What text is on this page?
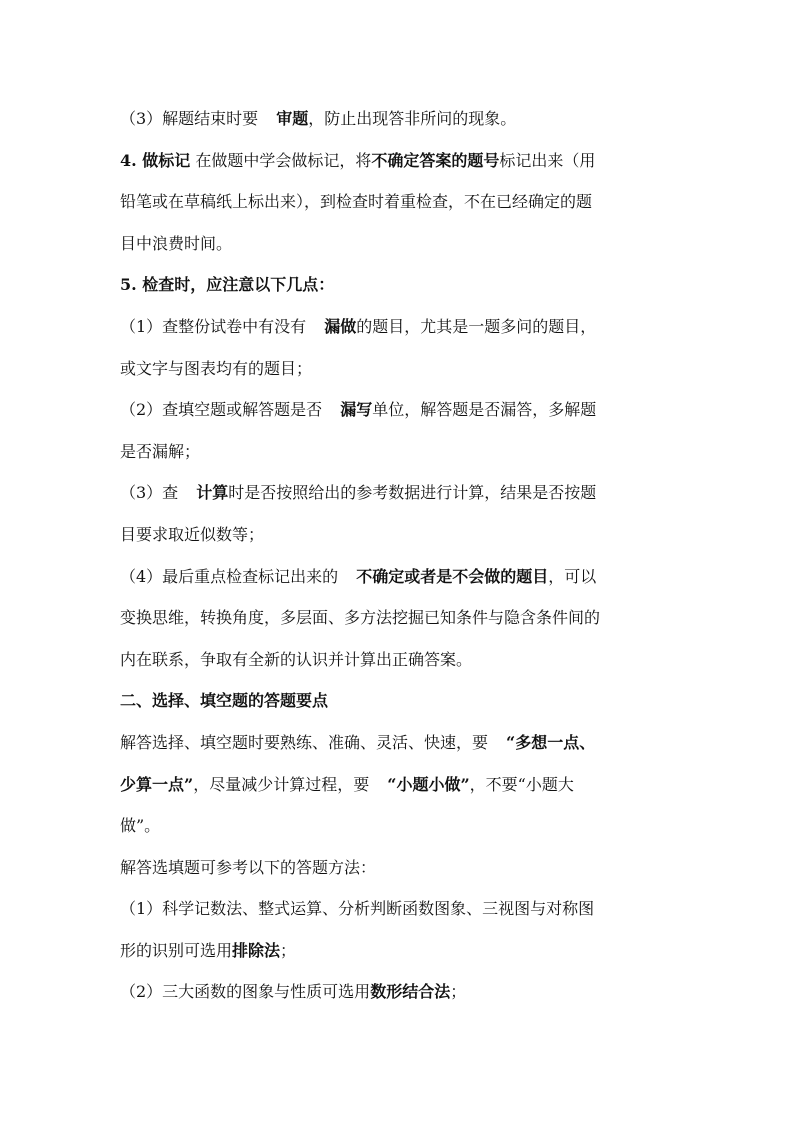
（3）解题结束时要 审题，防止出现答非所问的现象。

4. 做标记 在做题中学会做标记，将不确定答案的题号标记出来（用

铅笔或在草稿纸上标出来），到检查时着重检查，不在已经确定的题

目中浪费时间。

5. 检查时，应注意以下几点：

（1）查整份试卷中有没有 漏做的题目，尤其是一题多问的题目，

或文字与图表均有的题目；

（2）查填空题或解答题是否 漏写单位，解答题是否漏答，多解题

是否漏解；

（3）查 计算时是否按照给出的参考数据进行计算，结果是否按题

目要求取近似数等；

（4）最后重点检查标记出来的 不确定或者是不会做的题目，可以

变换思维，转换角度，多层面、多方法挖掘已知条件与隐含条件间的

内在联系，争取有全新的认识并计算出正确答案。

二、选择、填空题的答题要点

解答选择、填空题时要熟练、准确、灵活、快速，要 “多想一点、

少算一点”，尽量减少计算过程，要 “小题小做”，不要“小题大

做”。

解答选填题可参考以下的答题方法：

（1）科学记数法、整式运算、分析判断函数图象、三视图与对称图

形的识别可选用排除法；

（2）三大函数的图象与性质可选用数形结合法；
